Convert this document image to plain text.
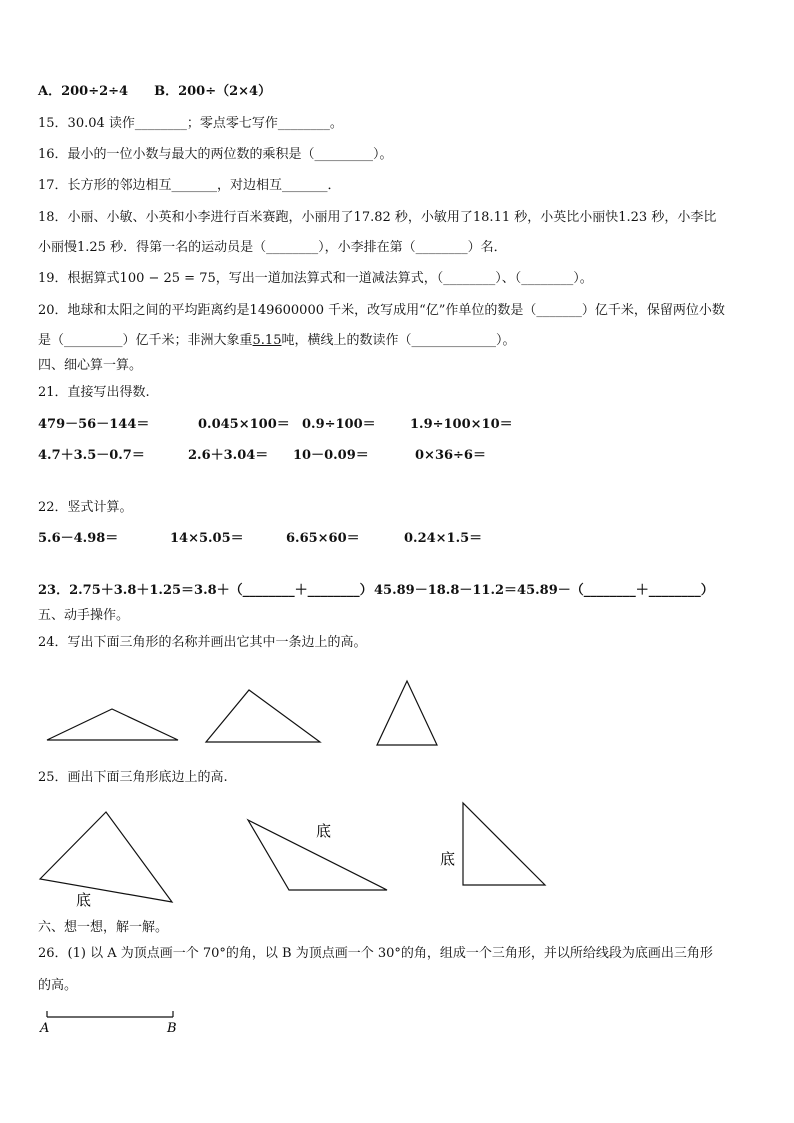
A．200÷2÷4　　B．200÷（2×4）
15．30.04 读作________；零点零七写作________。
16．最小的一位小数与最大的两位数的乘积是（_________）。
17．长方形的邻边相互_______，对边相互_______．
18．小丽、小敏、小英和小李进行百米赛跑，小丽用了17.82 秒，小敏用了18.11 秒，小英比小丽快1.23 秒，小李比
小丽慢1.25 秒．得第一名的运动员是（________），小李排在第（________）名．
19．根据算式100 − 25 = 75，写出一道加法算式和一道减法算式，（________）、（________）。
20．地球和太阳之间的平均距离约是149600000 千米，改写成用“亿”作单位的数是（_______）亿千米，保留两位小数
是（_________）亿千米；非洲大象重5.15吨，横线上的数读作（_____________）。
四、细心算一算。
21．直接写出得数.
479－56－144＝	0.045×100＝ 0.9÷100＝	1.9÷100×10＝
4.7＋3.5－0.7＝	2.6＋3.04＝ 10－0.09＝	0×36÷6＝
22．竖式计算。
5.6－4.98＝	14×5.05＝	6.65×60＝	0.24×1.5＝
23．2.75＋3.8＋1.25＝3.8＋（________＋________） 45.89－18.8－11.2＝45.89－（________＋________）
五、动手操作。
24．写出下面三角形的名称并画出它其中一条边上的高。
25．画出下面三角形底边上的高.
六、想一想，解一解。
26．(1) 以 A 为顶点画一个 70°的角，以 B 为顶点画一个 30°的角，组成一个三角形，并以所给线段为底画出三角形
的高。
底
底
底
A	B
